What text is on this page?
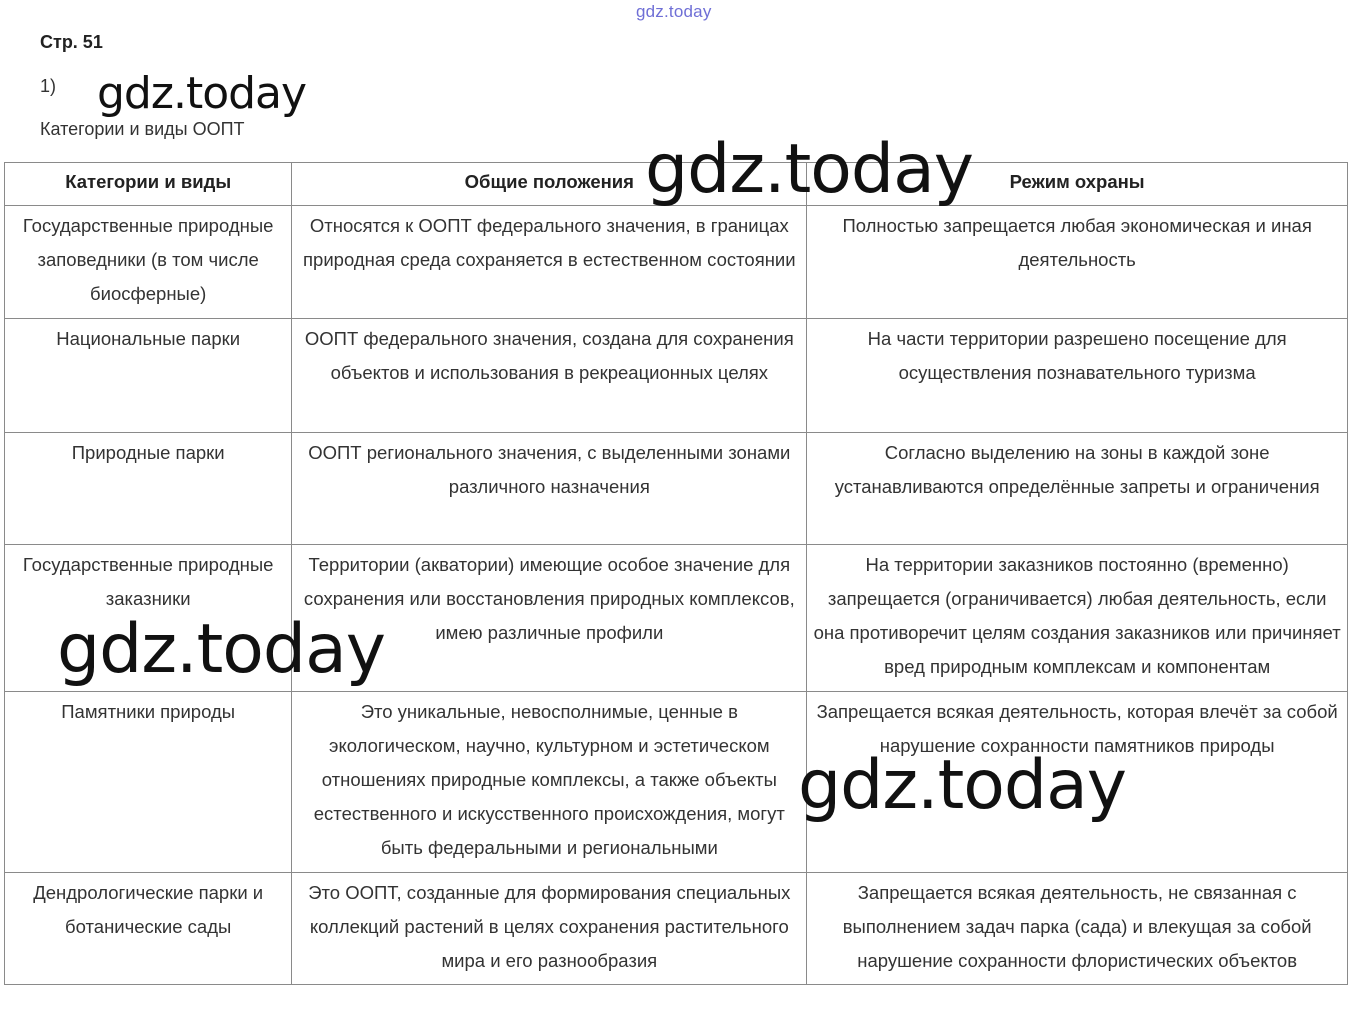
gdz.today
Стр. 51
1)
Категории и виды ООПТ
gdz.today
gdz.today
gdz.today
gdz.today
Категории и виды	Общие положения	Режим охраны
Государственные природные заповедники (в том числе биосферные)	Относятся к ООПТ федерального значения, в границах природная среда сохраняется в естественном состоянии	Полностью запрещается любая экономическая и иная деятельность
Национальные парки	ООПТ федерального значения, создана для сохранения объектов и использования в рекреационных целях	На части территории разрешено посещение для осуществления познавательного туризма
Природные парки	ООПТ регионального значения, с выделенными зонами различного назначения	Согласно выделению на зоны в каждой зоне устанавливаются определённые запреты и ограничения
Государственные природные заказники	Территории (акватории) имеющие особое значение для сохранения или восстановления природных комплексов, имею различные профили	На территории заказников постоянно (временно) запрещается (ограничивается) любая деятельность, если она противоречит целям создания заказников или причиняет вред природным комплексам и компонентам
Памятники природы	Это уникальные, невосполнимые, ценные в экологическом, научно, культурном и эстетическом отношениях природные комплексы, а также объекты естественного и искусственного происхождения, могут быть федеральными и региональными	Запрещается всякая деятельность, которая влечёт за собой нарушение сохранности памятников природы
Дендрологические парки и ботанические сады	Это ООПТ, созданные для формирования специальных коллекций растений в целях сохранения растительного мира и его разнообразия	Запрещается всякая деятельность, не связанная с выполнением задач парка (сада) и влекущая за собой нарушение сохранности флористических объектов
